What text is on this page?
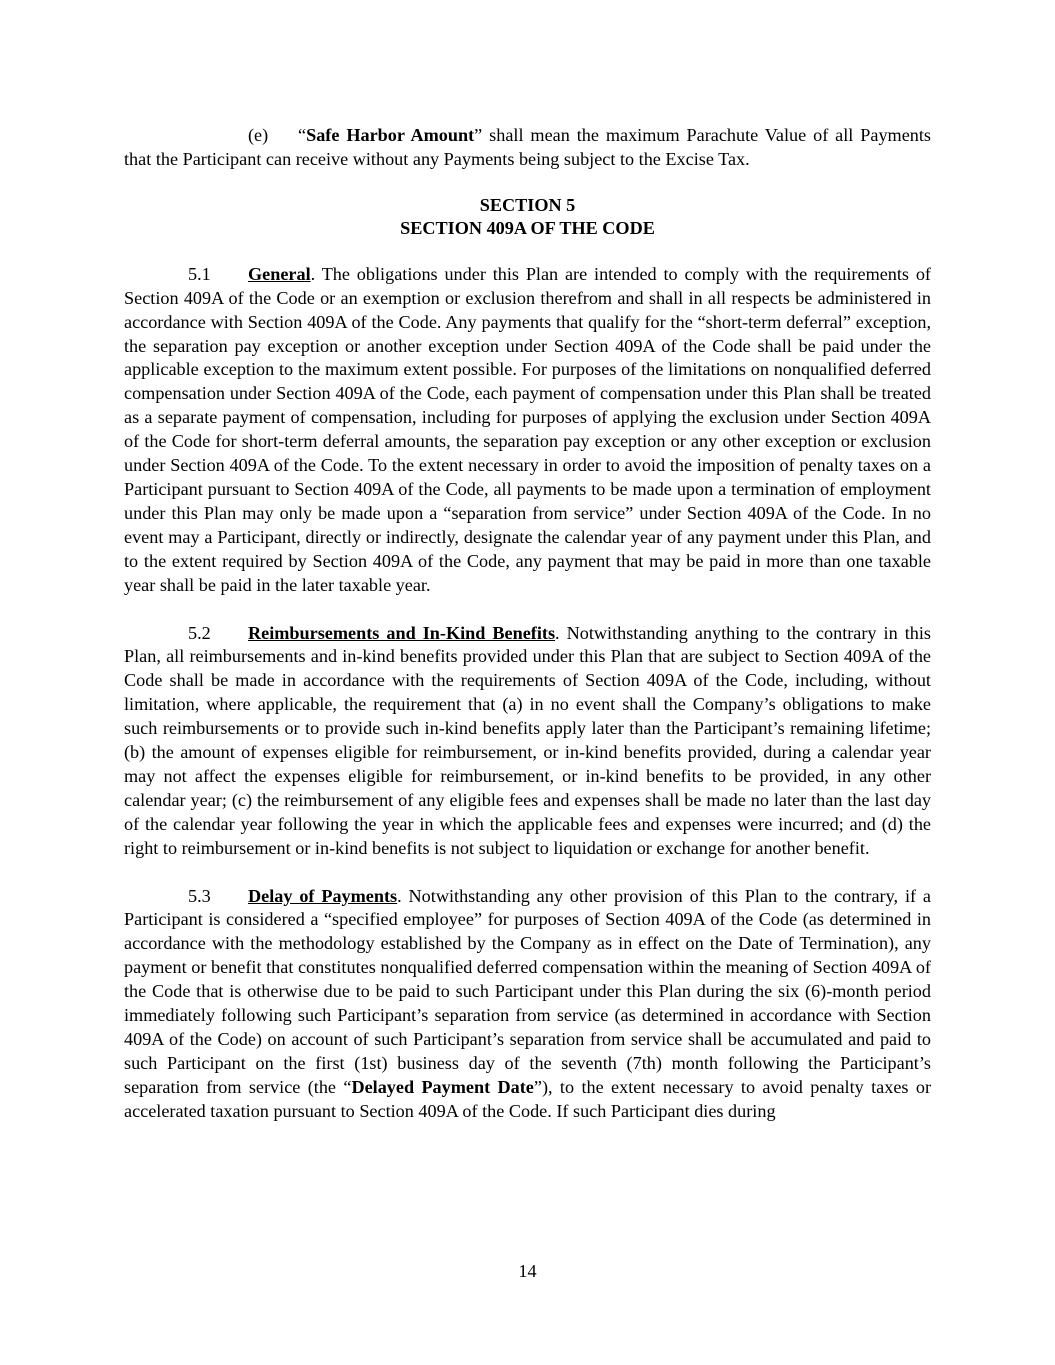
(e) “Safe Harbor Amount” shall mean the maximum Parachute Value of all Payments that the Participant can receive without any Payments being subject to the Excise Tax.

SECTION 5
SECTION 409A OF THE CODE

5.1 General. The obligations under this Plan are intended to comply with the requirements of Section 409A of the Code or an exemption or exclusion therefrom and shall in all respects be administered in accordance with Section 409A of the Code. Any payments that qualify for the “short-term deferral” exception, the separation pay exception or another exception under Section 409A of the Code shall be paid under the applicable exception to the maximum extent possible. For purposes of the limitations on nonqualified deferred compensation under Section 409A of the Code, each payment of compensation under this Plan shall be treated as a separate payment of compensation, including for purposes of applying the exclusion under Section 409A of the Code for short-term deferral amounts, the separation pay exception or any other exception or exclusion under Section 409A of the Code. To the extent necessary in order to avoid the imposition of penalty taxes on a Participant pursuant to Section 409A of the Code, all payments to be made upon a termination of employment under this Plan may only be made upon a “separation from service” under Section 409A of the Code. In no event may a Participant, directly or indirectly, designate the calendar year of any payment under this Plan, and to the extent required by Section 409A of the Code, any payment that may be paid in more than one taxable year shall be paid in the later taxable year.

5.2 Reimbursements and In-Kind Benefits. Notwithstanding anything to the contrary in this Plan, all reimbursements and in-kind benefits provided under this Plan that are subject to Section 409A of the Code shall be made in accordance with the requirements of Section 409A of the Code, including, without limitation, where applicable, the requirement that (a) in no event shall the Company’s obligations to make such reimbursements or to provide such in-kind benefits apply later than the Participant’s remaining lifetime; (b) the amount of expenses eligible for reimbursement, or in-kind benefits provided, during a calendar year may not affect the expenses eligible for reimbursement, or in-kind benefits to be provided, in any other calendar year; (c) the reimbursement of any eligible fees and expenses shall be made no later than the last day of the calendar year following the year in which the applicable fees and expenses were incurred; and (d) the right to reimbursement or in-kind benefits is not subject to liquidation or exchange for another benefit.

5.3 Delay of Payments. Notwithstanding any other provision of this Plan to the contrary, if a Participant is considered a “specified employee” for purposes of Section 409A of the Code (as determined in accordance with the methodology established by the Company as in effect on the Date of Termination), any payment or benefit that constitutes nonqualified deferred compensation within the meaning of Section 409A of the Code that is otherwise due to be paid to such Participant under this Plan during the six (6)-month period immediately following such Participant’s separation from service (as determined in accordance with Section 409A of the Code) on account of such Participant’s separation from service shall be accumulated and paid to such Participant on the first (1st) business day of the seventh (7th) month following the Participant’s separation from service (the “Delayed Payment Date”), to the extent necessary to avoid penalty taxes or accelerated taxation pursuant to Section 409A of the Code. If such Participant dies during

14
